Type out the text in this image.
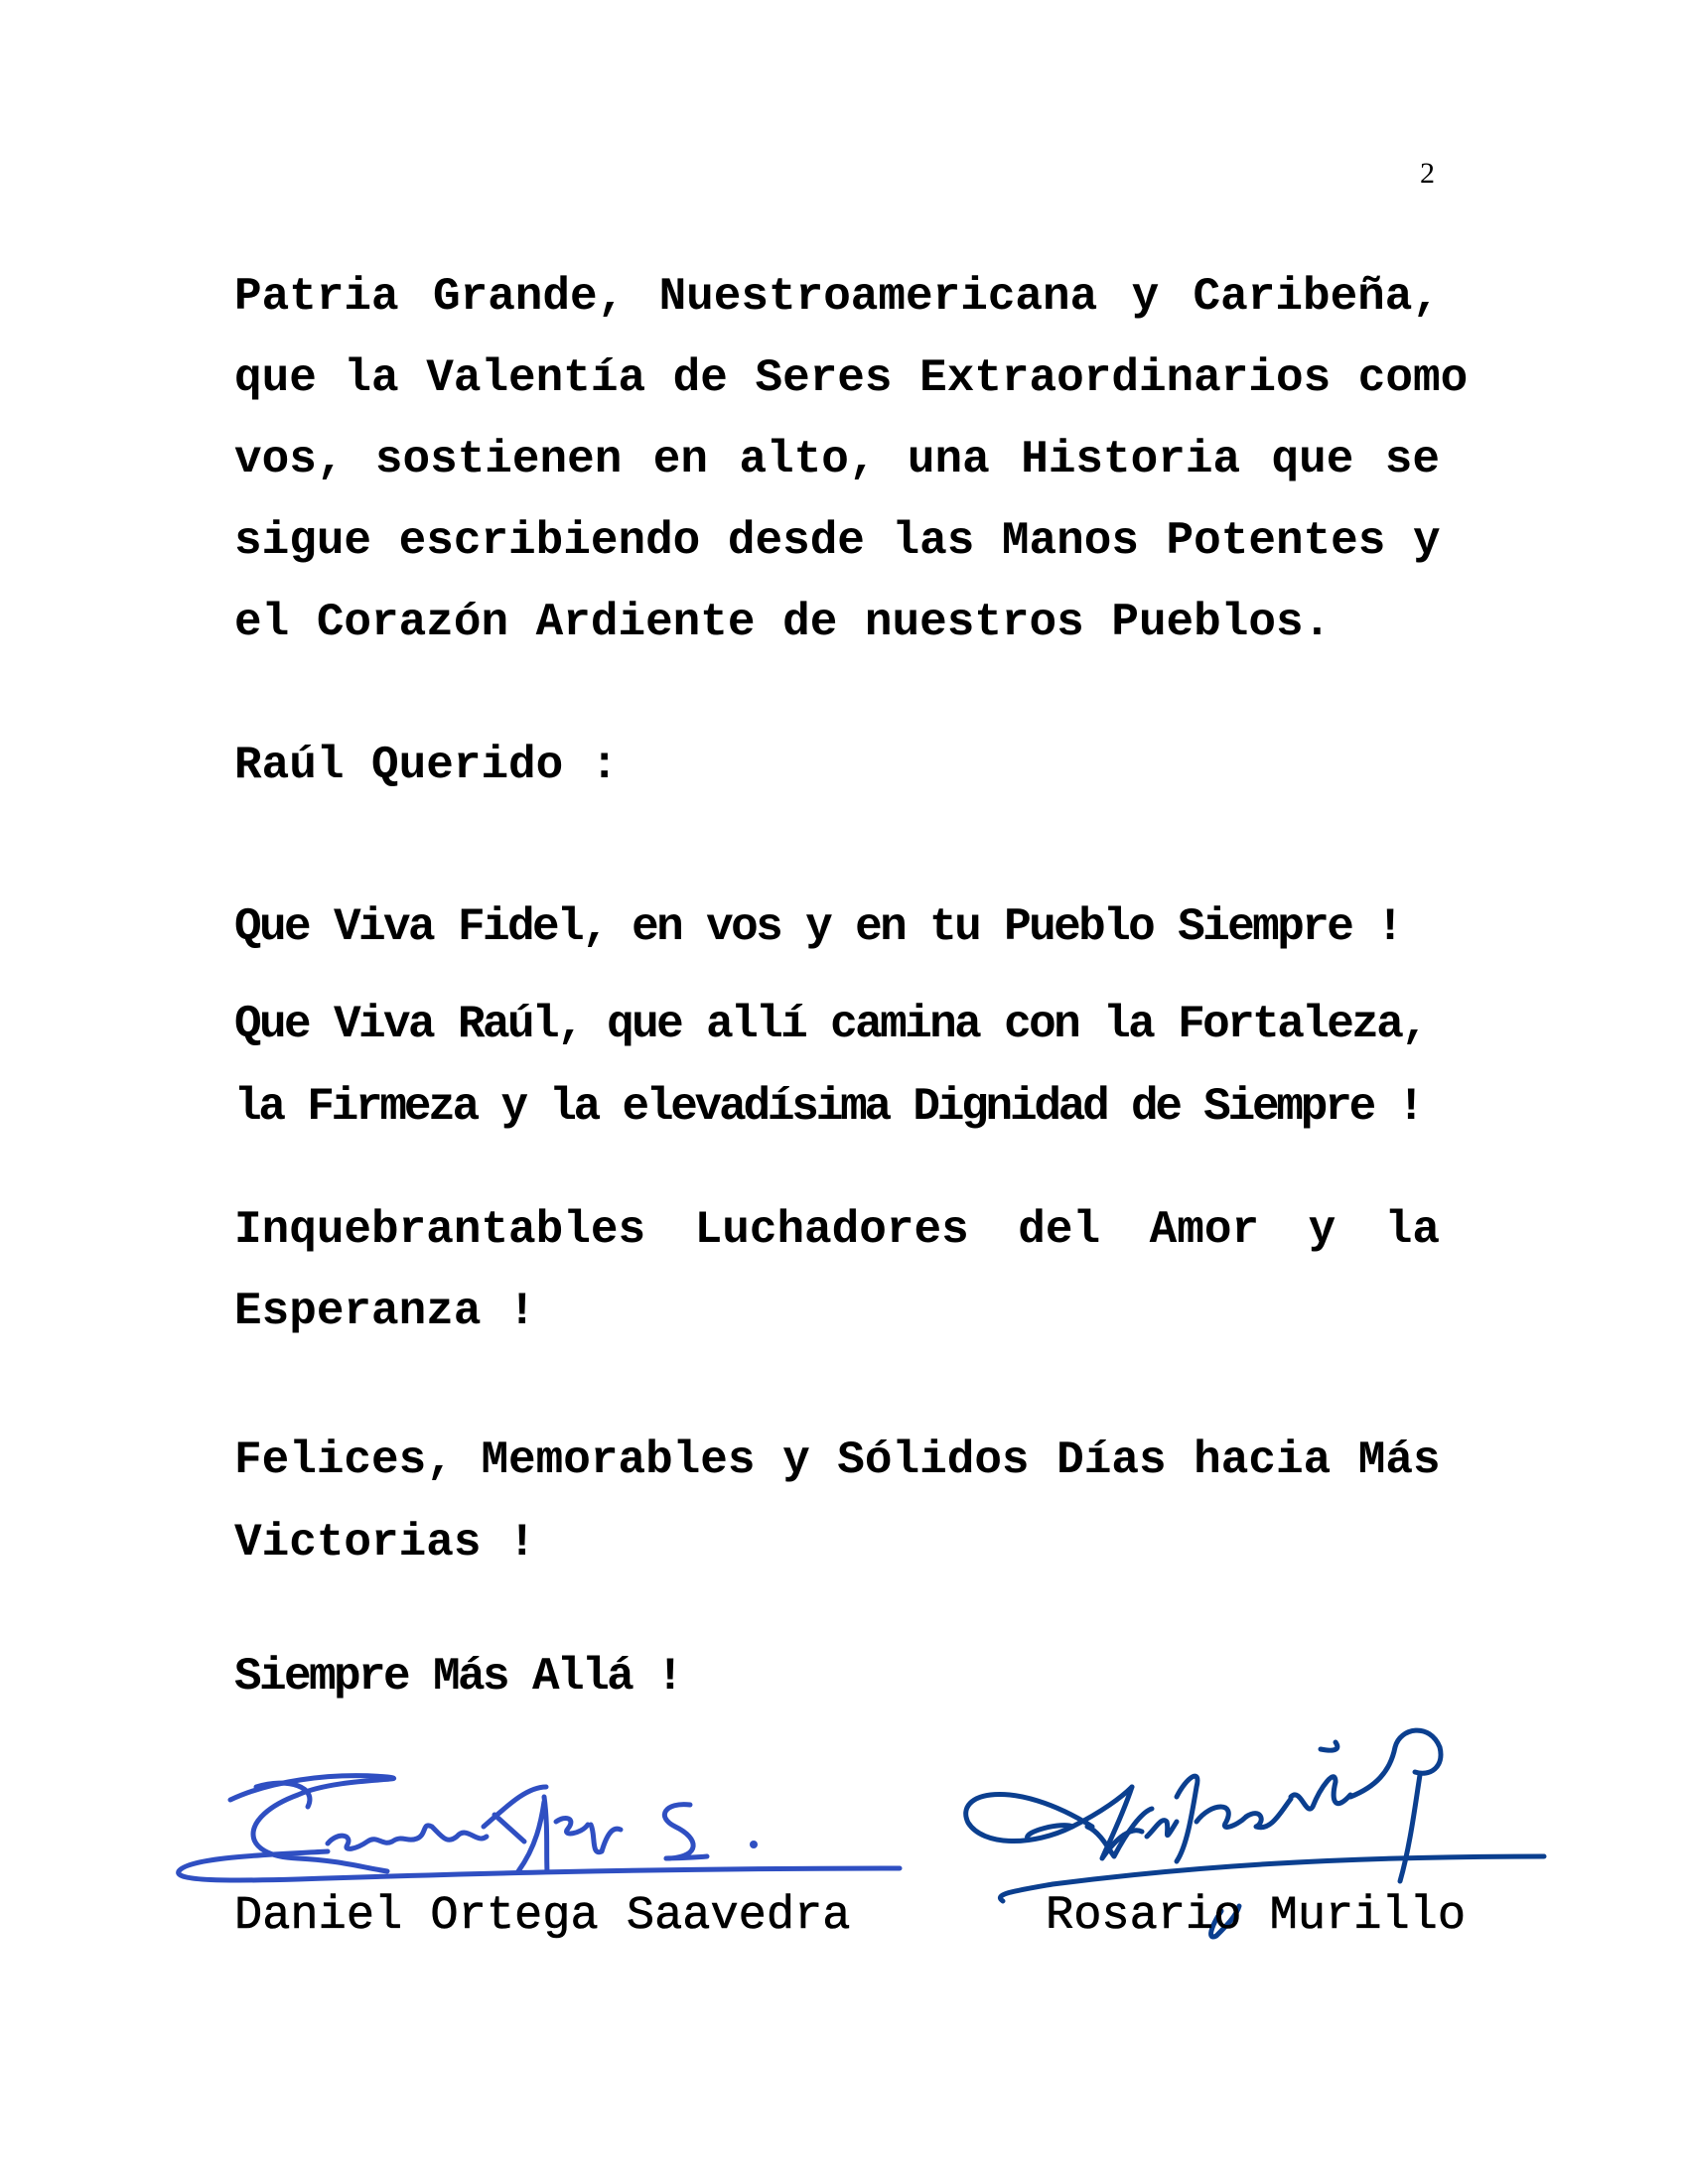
2
Patria Grande, Nuestroamericana y Caribeña,
que la Valentía de Seres Extraordinarios como
vos, sostienen en alto, una Historia que se
sigue escribiendo desde las Manos Potentes y
el Corazón Ardiente de nuestros Pueblos.
Raúl Querido :
Que Viva Fidel, en vos y en tu Pueblo Siempre !
Que Viva Raúl, que allí camina con la Fortaleza,
la Firmeza y la elevadísima Dignidad de Siempre !
Inquebrantables Luchadores del Amor y la
Esperanza !
Felices, Memorables y Sólidos Días hacia Más
Victorias !
Siempre Más Allá !
Daniel Ortega Saavedra	Rosario Murillo
